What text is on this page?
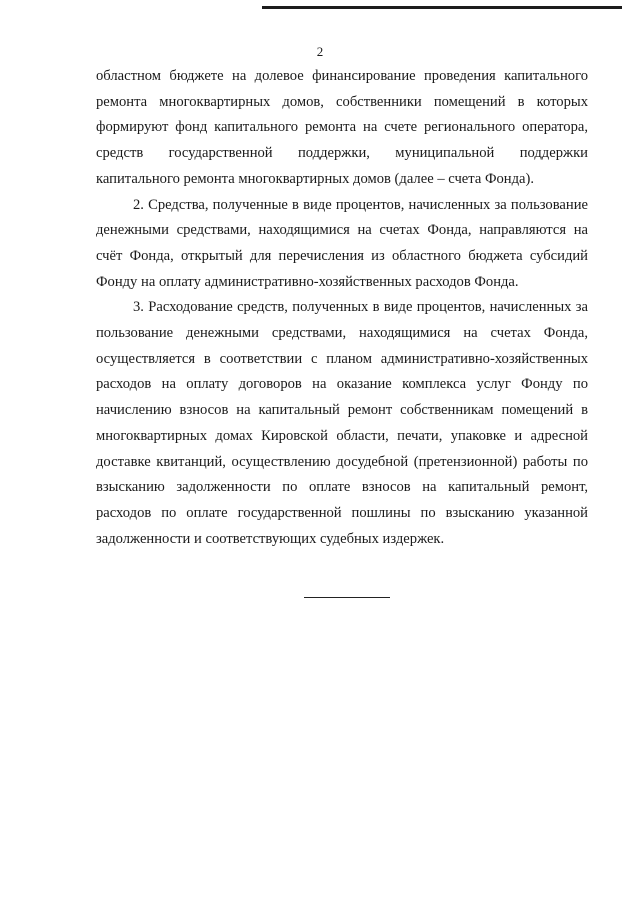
2

областном бюджете на долевое финансирование проведения капитального ремонта многоквартирных домов, собственники помещений в которых формируют фонд капитального ремонта на счете регионального оператора, средств государственной поддержки, муниципальной поддержки капитального ремонта многоквартирных домов (далее – счета Фонда).

2. Средства, полученные в виде процентов, начисленных за пользование денежными средствами, находящимися на счетах Фонда, направляются на счёт Фонда, открытый для перечисления из областного бюджета субсидий Фонду на оплату административно-хозяйственных расходов Фонда.

3. Расходование средств, полученных в виде процентов, начисленных за пользование денежными средствами, находящимися на счетах Фонда, осуществляется в соответствии с планом административно-хозяйственных расходов на оплату договоров на оказание комплекса услуг Фонду по начислению взносов на капитальный ремонт собственникам помещений в многоквартирных домах Кировской области, печати, упаковке и адресной доставке квитанций, осуществлению досудебной (претензионной) работы по взысканию задолженности по оплате взносов на капитальный ремонт, расходов по оплате государственной пошлины по взысканию указанной задолженности и соответствующих судебных издержек.
